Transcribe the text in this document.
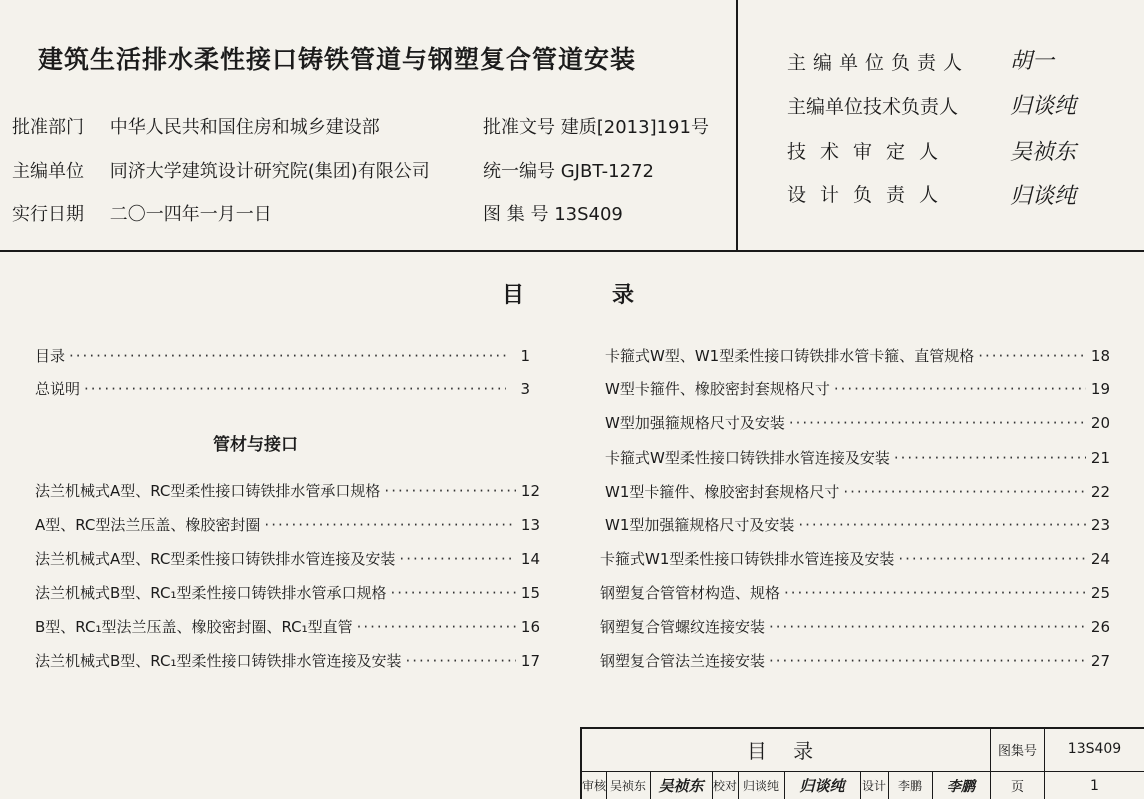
建筑生活排水柔性接口铸铁管道与钢塑复合管道安装
批准部门 中华人民共和国住房和城乡建设部	批准文号 建质[2013]191号
主编单位 同济大学建筑设计研究院(集团)有限公司	统一编号 GJBT-1272
实行日期 二〇一四年一月一日	图 集 号 13S409
主编单位负责人 胡一
主编单位技术负责人 归谈纯
技术审定人	吴祯东
设计负责人	归谈纯
目	录
目录 ·····	1
总说明 ·····	3
管材与接口
法兰机械式A型、RC型柔性接口铸铁排水管承口规格 ·····	12
A型、RC型法兰压盖、橡胶密封圈 ·····	13
法兰机械式A型、RC型柔性接口铸铁排水管连接及安装 ·····	14
法兰机械式B型、RC₁型柔性接口铸铁排水管承口规格 ·····	15
B型、RC₁型法兰压盖、橡胶密封圈、RC₁型直管 ·····	16
法兰机械式B型、RC₁型柔性接口铸铁排水管连接及安装 ·····	17
卡箍式W型、W1型柔性接口铸铁排水管卡箍、直管规格 ·····	18
W型卡箍件、橡胶密封套规格尺寸 ·····	19
W型加强箍规格尺寸及安装 ·····	20
卡箍式W型柔性接口铸铁排水管连接及安装 ·····	21
W1型卡箍件、橡胶密封套规格尺寸 ·····	22
W1型加强箍规格尺寸及安装 ·····	23
卡箍式W1型柔性接口铸铁排水管连接及安装 ·····	24
钢塑复合管管材构造、规格 ·····	25
钢塑复合管螺纹连接安装 ·····	26
钢塑复合管法兰连接安装 ·····	27
目 录	图集号	13S409
审核 吴祯东 吴祯东 校对 归谈纯	归谈纯	设计 李鹏	李鹏	页	1
